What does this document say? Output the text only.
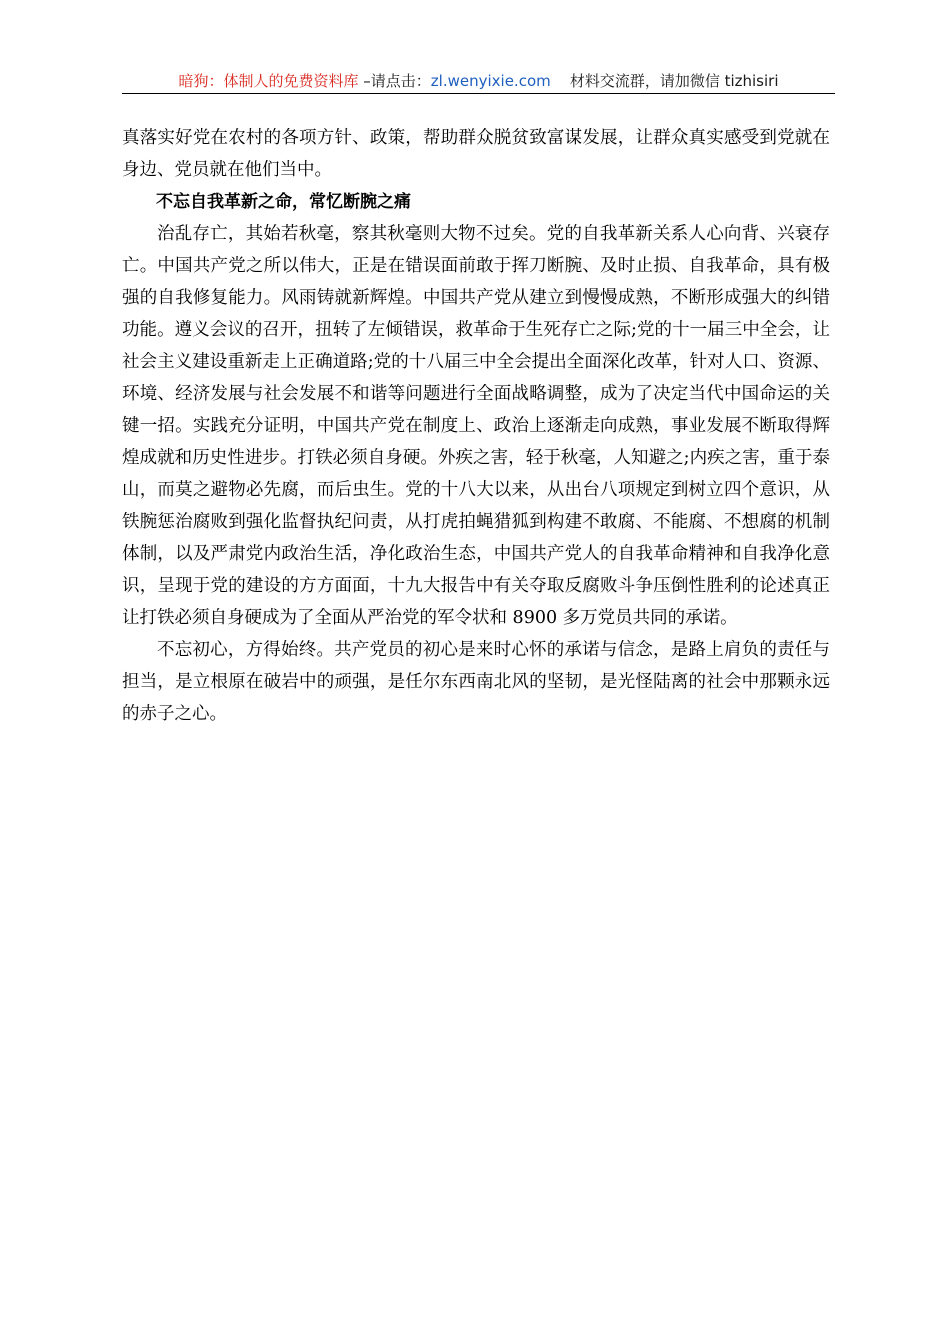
暗狗：体制人的免费资料库 –请点击：zl.wenyixie.com 材料交流群，请加微信 tizhisiri

真落实好党在农村的各项方针、政策，帮助群众脱贫致富谋发展，让群众真实感受到党就在身边、党员就在他们当中。

不忘自我革新之命，常忆断腕之痛

治乱存亡，其始若秋毫，察其秋毫则大物不过矣。党的自我革新关系人心向背、兴衰存亡。中国共产党之所以伟大，正是在错误面前敢于挥刀断腕、及时止损、自我革命，具有极强的自我修复能力。风雨铸就新辉煌。中国共产党从建立到慢慢成熟，不断形成强大的纠错功能。遵义会议的召开，扭转了左倾错误，救革命于生死存亡之际;党的十一届三中全会，让社会主义建设重新走上正确道路;党的十八届三中全会提出全面深化改革，针对人口、资源、环境、经济发展与社会发展不和谐等问题进行全面战略调整，成为了决定当代中国命运的关键一招。实践充分证明，中国共产党在制度上、政治上逐渐走向成熟，事业发展不断取得辉煌成就和历史性进步。打铁必须自身硬。外疾之害，轻于秋毫，人知避之;内疾之害，重于泰山，而莫之避物必先腐，而后虫生。党的十八大以来，从出台八项规定到树立四个意识，从铁腕惩治腐败到强化监督执纪问责，从打虎拍蝇猎狐到构建不敢腐、不能腐、不想腐的机制体制，以及严肃党内政治生活，净化政治生态，中国共产党人的自我革命精神和自我净化意识，呈现于党的建设的方方面面，十九大报告中有关夺取反腐败斗争压倒性胜利的论述真正让打铁必须自身硬成为了全面从严治党的军令状和 8900 多万党员共同的承诺。

不忘初心，方得始终。共产党员的初心是来时心怀的承诺与信念，是路上肩负的责任与担当，是立根原在破岩中的顽强，是任尔东西南北风的坚韧，是光怪陆离的社会中那颗永远的赤子之心。
